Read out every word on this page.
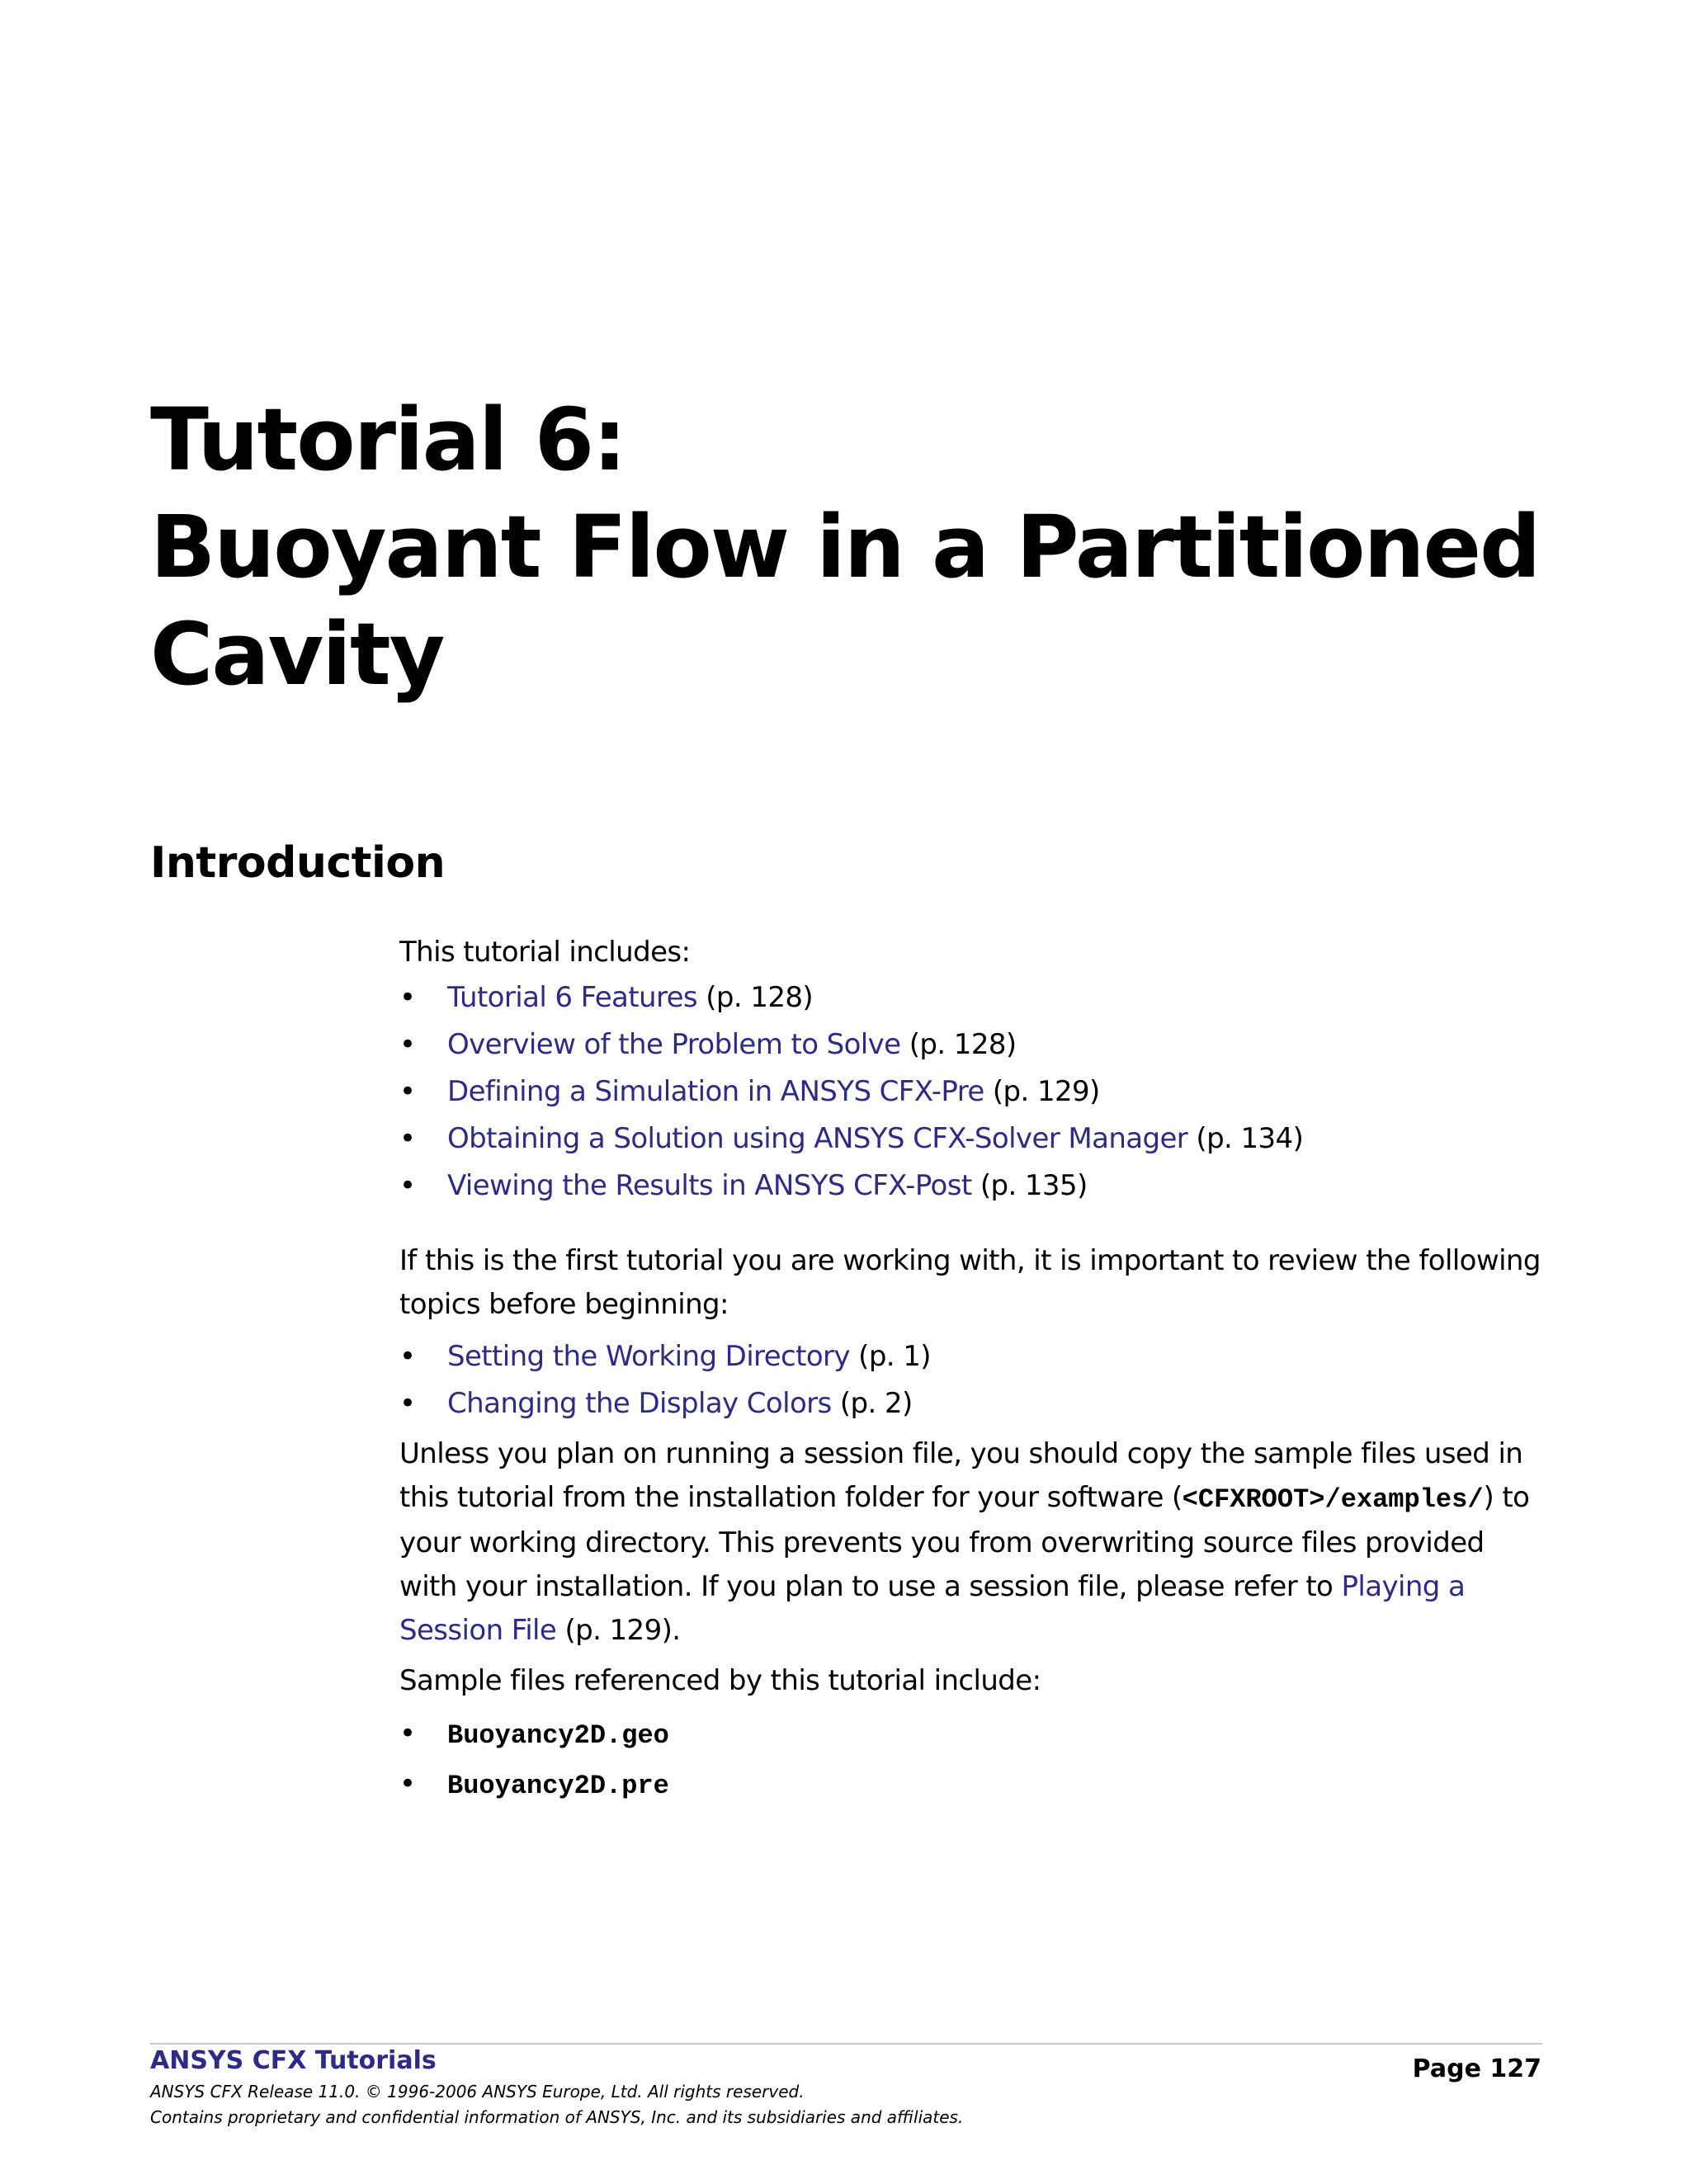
Tutorial 6:
Buoyant Flow in a Partitioned
Cavity
Introduction

This tutorial includes:

• Tutorial 6 Features (p. 128)
• Overview of the Problem to Solve (p. 128)
• Defining a Simulation in ANSYS CFX-Pre (p. 129)
• Obtaining a Solution using ANSYS CFX-Solver Manager (p. 134)
• Viewing the Results in ANSYS CFX-Post (p. 135)

If this is the first tutorial you are working with, it is important to review the following topics before beginning:

• Setting the Working Directory (p. 1)
• Changing the Display Colors (p. 2)

Unless you plan on running a session file, you should copy the sample files used in this tutorial from the installation folder for your software (<CFXROOT>/examples/) to your working directory. This prevents you from overwriting source files provided with your installation. If you plan to use a session file, please refer to Playing a Session File (p. 129).

Sample files referenced by this tutorial include:

• Buoyancy2D.geo
• Buoyancy2D.pre
ANSYS CFX Tutorials	Page 127
ANSYS CFX Release 11.0. © 1996-2006 ANSYS Europe, Ltd. All rights reserved.
Contains proprietary and confidential information of ANSYS, Inc. and its subsidiaries and affiliates.
